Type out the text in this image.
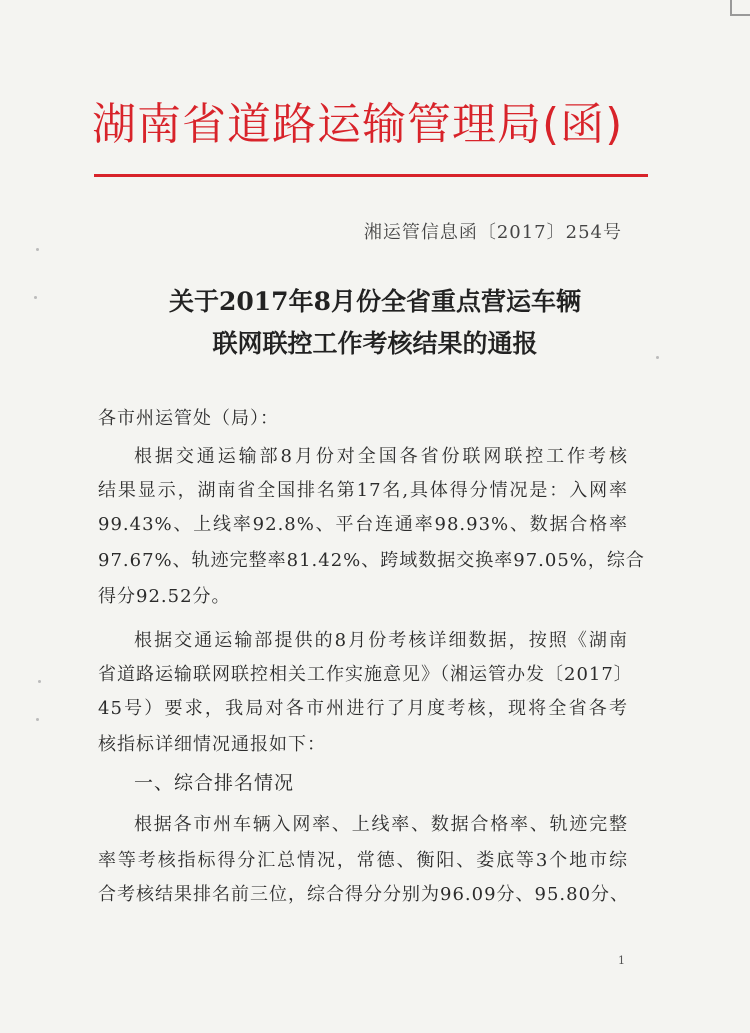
湖南省道路运输管理局(函)
湘运管信息函〔2017〕254号
关于2017年8月份全省重点营运车辆
联网联控工作考核结果的通报
各市州运管处（局）：
根据交通运输部8月份对全国各省份联网联控工作考核
结果显示，湖南省全国排名第17名,具体得分情况是：入网率
99.43%、上线率92.8%、平台连通率98.93%、数据合格率
97.67%、轨迹完整率81.42%、跨域数据交换率97.05%，综合
得分92.52分。
根据交通运输部提供的8月份考核详细数据，按照《湖南
省道路运输联网联控相关工作实施意见》（湘运管办发〔2017〕
45号）要求，我局对各市州进行了月度考核，现将全省各考
核指标详细情况通报如下：
一、综合排名情况
根据各市州车辆入网率、上线率、数据合格率、轨迹完整
率等考核指标得分汇总情况，常德、衡阳、娄底等3个地市综
合考核结果排名前三位，综合得分分别为96.09分、95.80分、
1
